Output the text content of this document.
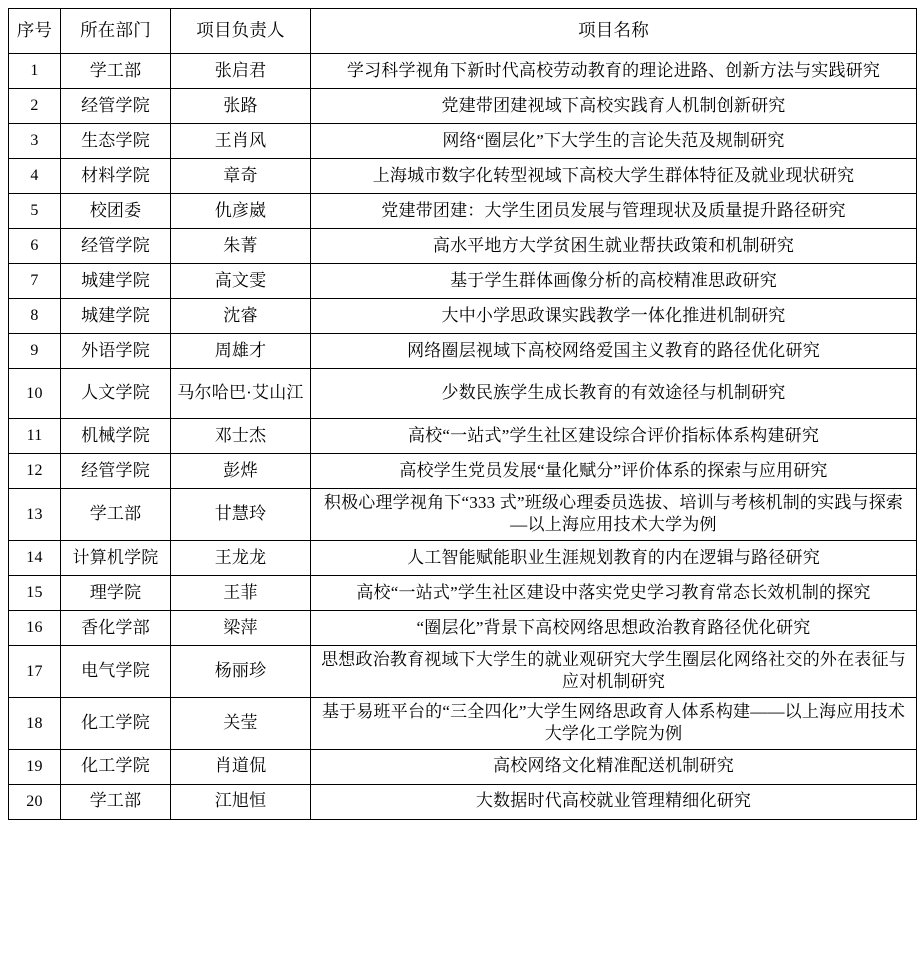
序号	所在部门	项目负责人	项目名称
1	学工部	张启君	学习科学视角下新时代高校劳动教育的理论进路、创新方法与实践研究
2	经管学院	张路	党建带团建视域下高校实践育人机制创新研究
3	生态学院	王肖风	网络“圈层化”下大学生的言论失范及规制研究
4	材料学院	章奇	上海城市数字化转型视域下高校大学生群体特征及就业现状研究
5	校团委	仇彦崴	党建带团建：大学生团员发展与管理现状及质量提升路径研究
6	经管学院	朱菁	高水平地方大学贫困生就业帮扶政策和机制研究
7	城建学院	高文雯	基于学生群体画像分析的高校精准思政研究
8	城建学院	沈睿	大中小学思政课实践教学一体化推进机制研究
9	外语学院	周雄才	网络圈层视域下高校网络爱国主义教育的路径优化研究
10	人文学院	马尔哈巴·艾山江	少数民族学生成长教育的有效途径与机制研究
11	机械学院	邓士杰	高校“一站式”学生社区建设综合评价指标体系构建研究
12	经管学院	彭烨	高校学生党员发展“量化赋分”评价体系的探索与应用研究
13	学工部	甘慧玲	积极心理学视角下“333 式”班级心理委员选拔、培训与考核机制的实践与探索—以上海应用技术大学为例
14	计算机学院	王龙龙	人工智能赋能职业生涯规划教育的内在逻辑与路径研究
15	理学院	王菲	高校“一站式”学生社区建设中落实党史学习教育常态长效机制的探究
16	香化学部	梁萍	“圈层化”背景下高校网络思想政治教育路径优化研究
17	电气学院	杨丽珍	思想政治教育视域下大学生的就业观研究大学生圈层化网络社交的外在表征与应对机制研究
18	化工学院	关莹	基于易班平台的“三全四化”大学生网络思政育人体系构建——以上海应用技术大学化工学院为例
19	化工学院	肖道侃	高校网络文化精准配送机制研究
20	学工部	江旭恒	大数据时代高校就业管理精细化研究
